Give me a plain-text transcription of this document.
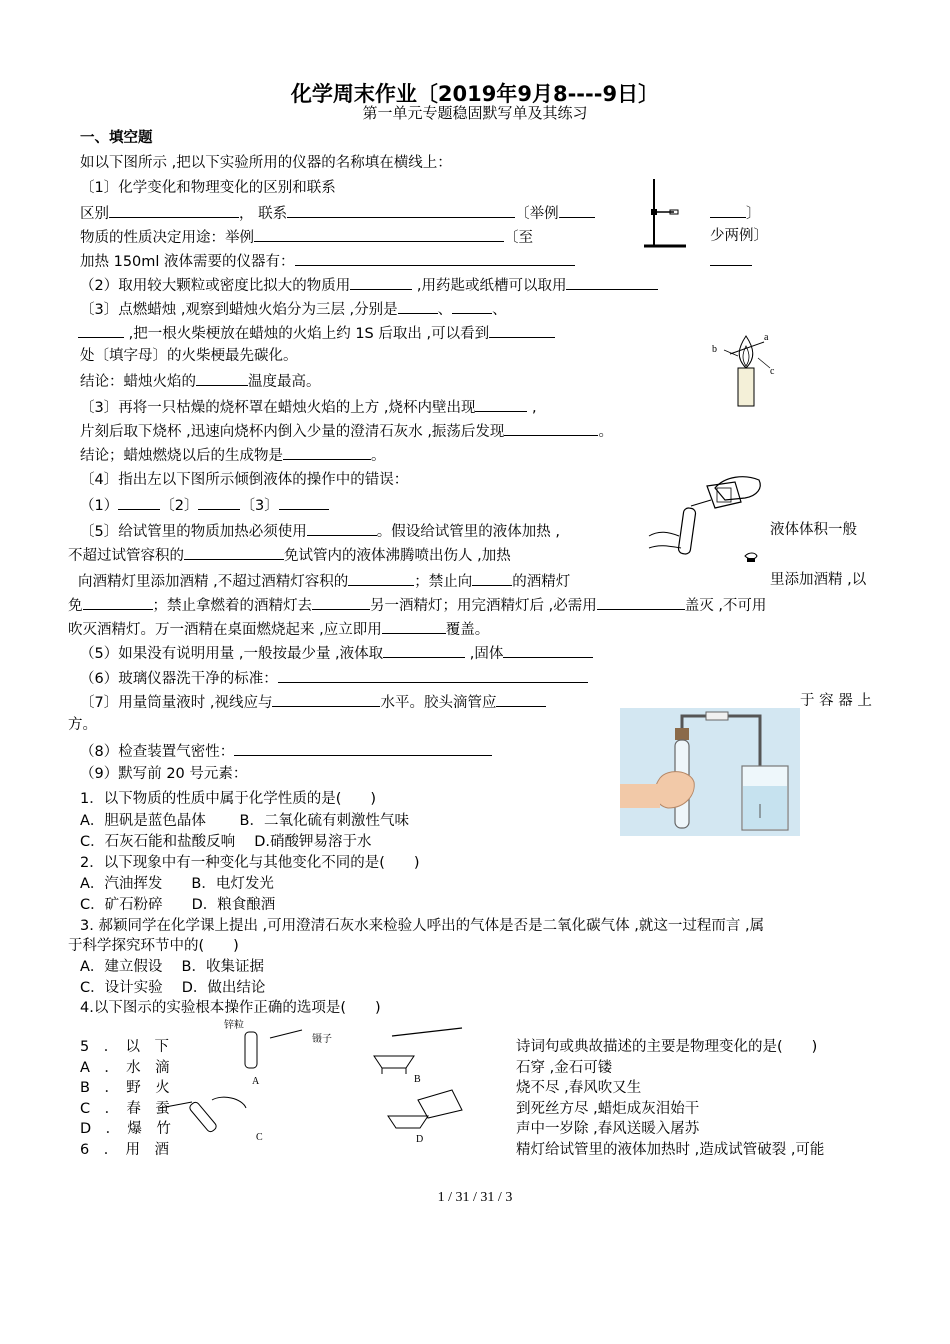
化学周末作业〔2019年9月8----9日〕
第一单元专题稳固默写单及其练习
一、填空题
如以下图所示 ,把以下实验所用的仪器的名称填在横线上：
〔1〕化学变化和物理变化的区别和联系
区别	， 联系	〔举例	〕
物质的性质决定用途：举例	〔至	少两例〕
加热 150ml 液体需要的仪器有：
（2）取用较大颗粒或密度比拟大的物质用	,用药匙或纸槽可以取用
〔3〕点燃蜡烛 ,观察到蜡烛火焰分为三层 ,分别是	、	、
,把一根火柴梗放在蜡烛的火焰上约 1S 后取出 ,可以看到
处〔填字母〕的火柴梗最先碳化。
结论：蜡烛火焰的	温度最高。
〔3〕再将一只枯燥的烧杯罩在蜡烛火焰的上方 ,烧杯内壁出现	,
片刻后取下烧杯 ,迅速向烧杯内倒入少量的澄清石灰水 ,振荡后发现	。
结论；蜡烛燃烧以后的生成物是	。
a
b
c
〔4〕指出左以下图所示倾倒液体的操作中的错误：
（1）	〔2〕	〔3〕
〔5〕给试管里的物质加热必须使用	。假设给试管里的液体加热 ,	液体体积一般
不超过试管容积的	免试管内的液体沸腾喷出伤人 ,加热
向酒精灯里添加酒精 ,不超过酒精灯容积的	；禁止向	的酒精灯	里添加酒精 ,以
免	；禁止拿燃着的酒精灯去	另一酒精灯；用完酒精灯后 ,必需用	盖灭 ,不可用
吹灭酒精灯。万一酒精在桌面燃烧起来 ,应立即用	覆盖。
（5）如果没有说明用量 ,一般按最少量 ,液体取	,固体
（6）玻璃仪器洗干净的标准：
〔7〕用量筒量液时 ,视线应与	水平。胶头滴管应	于 容 器 上
方。
（8）检查装置气密性：
（9）默写前 20 号元素：
1．以下物质的性质中属于化学性质的是(　　)
A．胆矾是蓝色晶体　　 B．二氧化硫有刺激性气味
C．石灰石能和盐酸反响　 D.硝酸钾易溶于水
2．以下现象中有一种变化与其他变化不同的是(　　)
A．汽油挥发　　B．电灯发光
C．矿石粉碎　　D．粮食酿酒
3. 郝颖同学在化学课上提出 ,可用澄清石灰水来检验人呼出的气体是否是二氧化碳气体 ,就这一过程而言 ,属
于科学探究环节中的(　　)
A．建立假设　 B．收集证据
C．设计实验　 D．做出结论
4.以下图示的实验根本操作正确的选项是(　　)
锌粒
镊子
A	B
C	D
5　．　以　下	诗词句或典故描述的主要是物理变化的是(　　)
A　．　水　滴	石穿 ,金石可镂
B　．　野　火	烧不尽 ,春风吹又生
C　．　春　蚕	到死丝方尽 ,蜡炬成灰泪始干
D　．　爆　竹	声中一岁除 ,春风送暖入屠苏
6　．　用　酒	精灯给试管里的液体加热时 ,造成试管破裂 ,可能
1 / 31 / 31 / 3
